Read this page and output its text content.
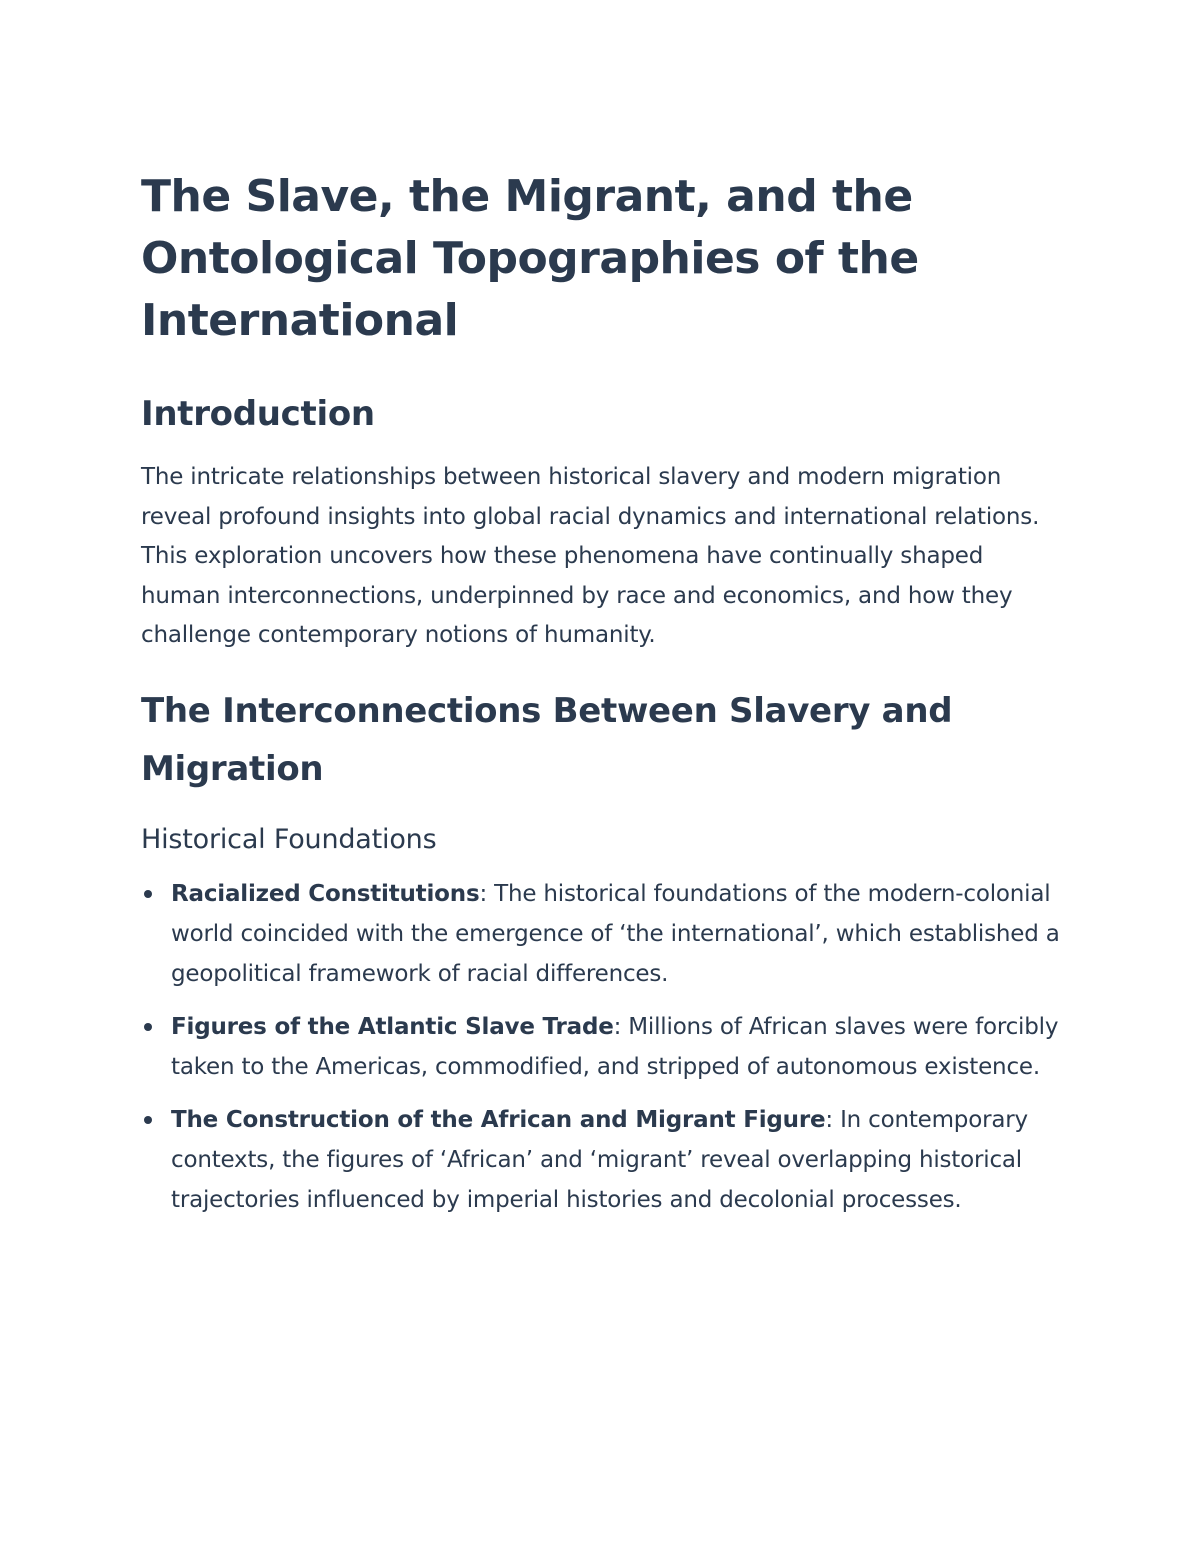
The Slave, the Migrant, and the Ontological Topographies of the International
Introduction

The intricate relationships between historical slavery and modern migration reveal profound insights into global racial dynamics and international relations. This exploration uncovers how these phenomena have continually shaped human interconnections, underpinned by race and economics, and how they challenge contemporary notions of humanity.

The Interconnections Between Slavery and Migration
Historical Foundations
Racialized Constitutions: The historical foundations of the modern-colonial world coincided with the emergence of ‘the international’, which established a geopolitical framework of racial differences.
Figures of the Atlantic Slave Trade: Millions of African slaves were forcibly taken to the Americas, commodified, and stripped of autonomous existence.
The Construction of the African and Migrant Figure: In contemporary contexts, the figures of ‘African’ and ‘migrant’ reveal overlapping historical trajectories influenced by imperial histories and decolonial processes.
